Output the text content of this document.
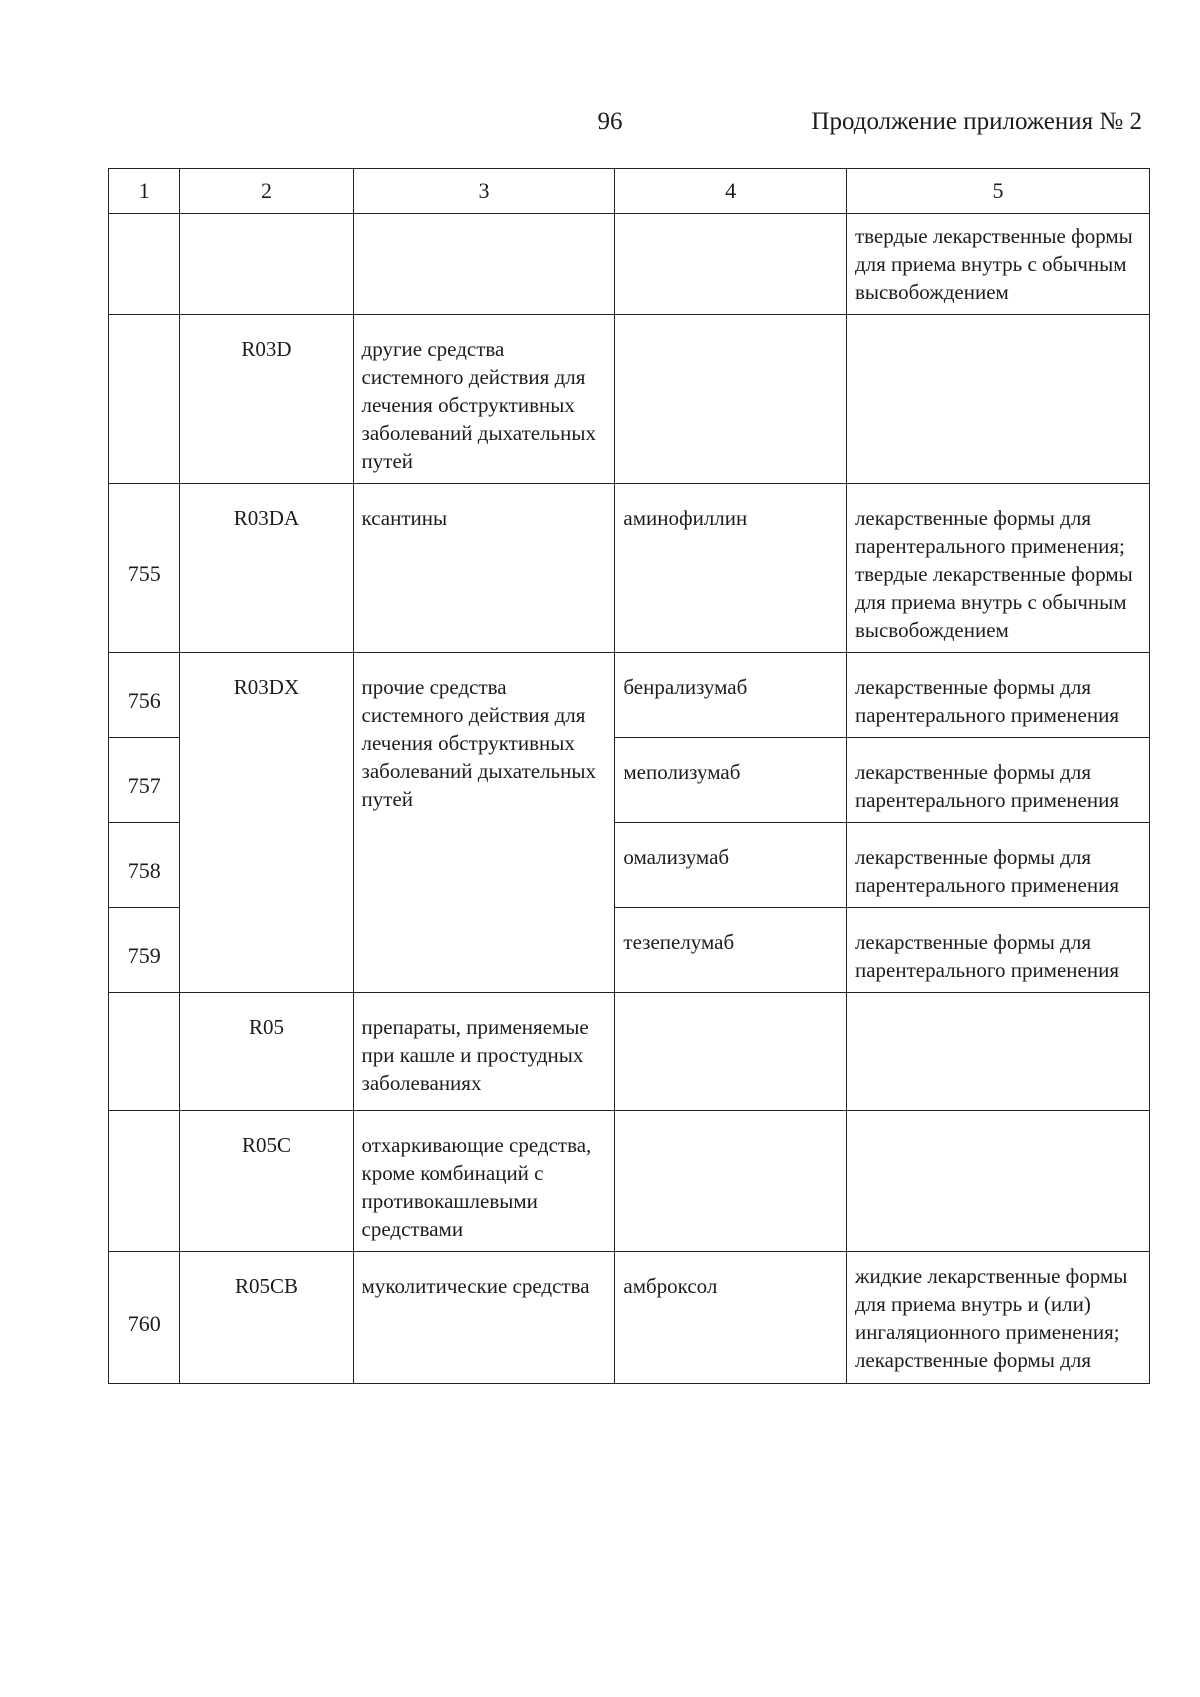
96	Продолжение приложения № 2
1	2	3	4	5
				твердые лекарственные формы для приема внутрь с обычным высвобождением
	R03D	другие средства системного действия для лечения обструктивных заболеваний дыхательных путей		
755	R03DA	ксантины	аминофиллин	лекарственные формы для парентерального применения;
твердые лекарственные формы для приема внутрь с обычным высвобождением

756	R03DX	прочие средства системного действия для лечения обструктивных заболеваний дыхательных путей	бенрализумаб	лекарственные формы для парентерального применения
757			меполизумаб	лекарственные формы для парентерального применения
758			омализумаб	лекарственные формы для парентерального применения
759			тезепелумаб	лекарственные формы для парентерального применения
	R05	препараты, применяемые при кашле и простудных заболеваниях		
	R05C	отхаркивающие средства, кроме комбинаций с противокашлевыми средствами		
760	R05CB	муколитические средства	амброксол	жидкие лекарственные формы для приема внутрь и (или) ингаляционного применения;
лекарственные формы для
